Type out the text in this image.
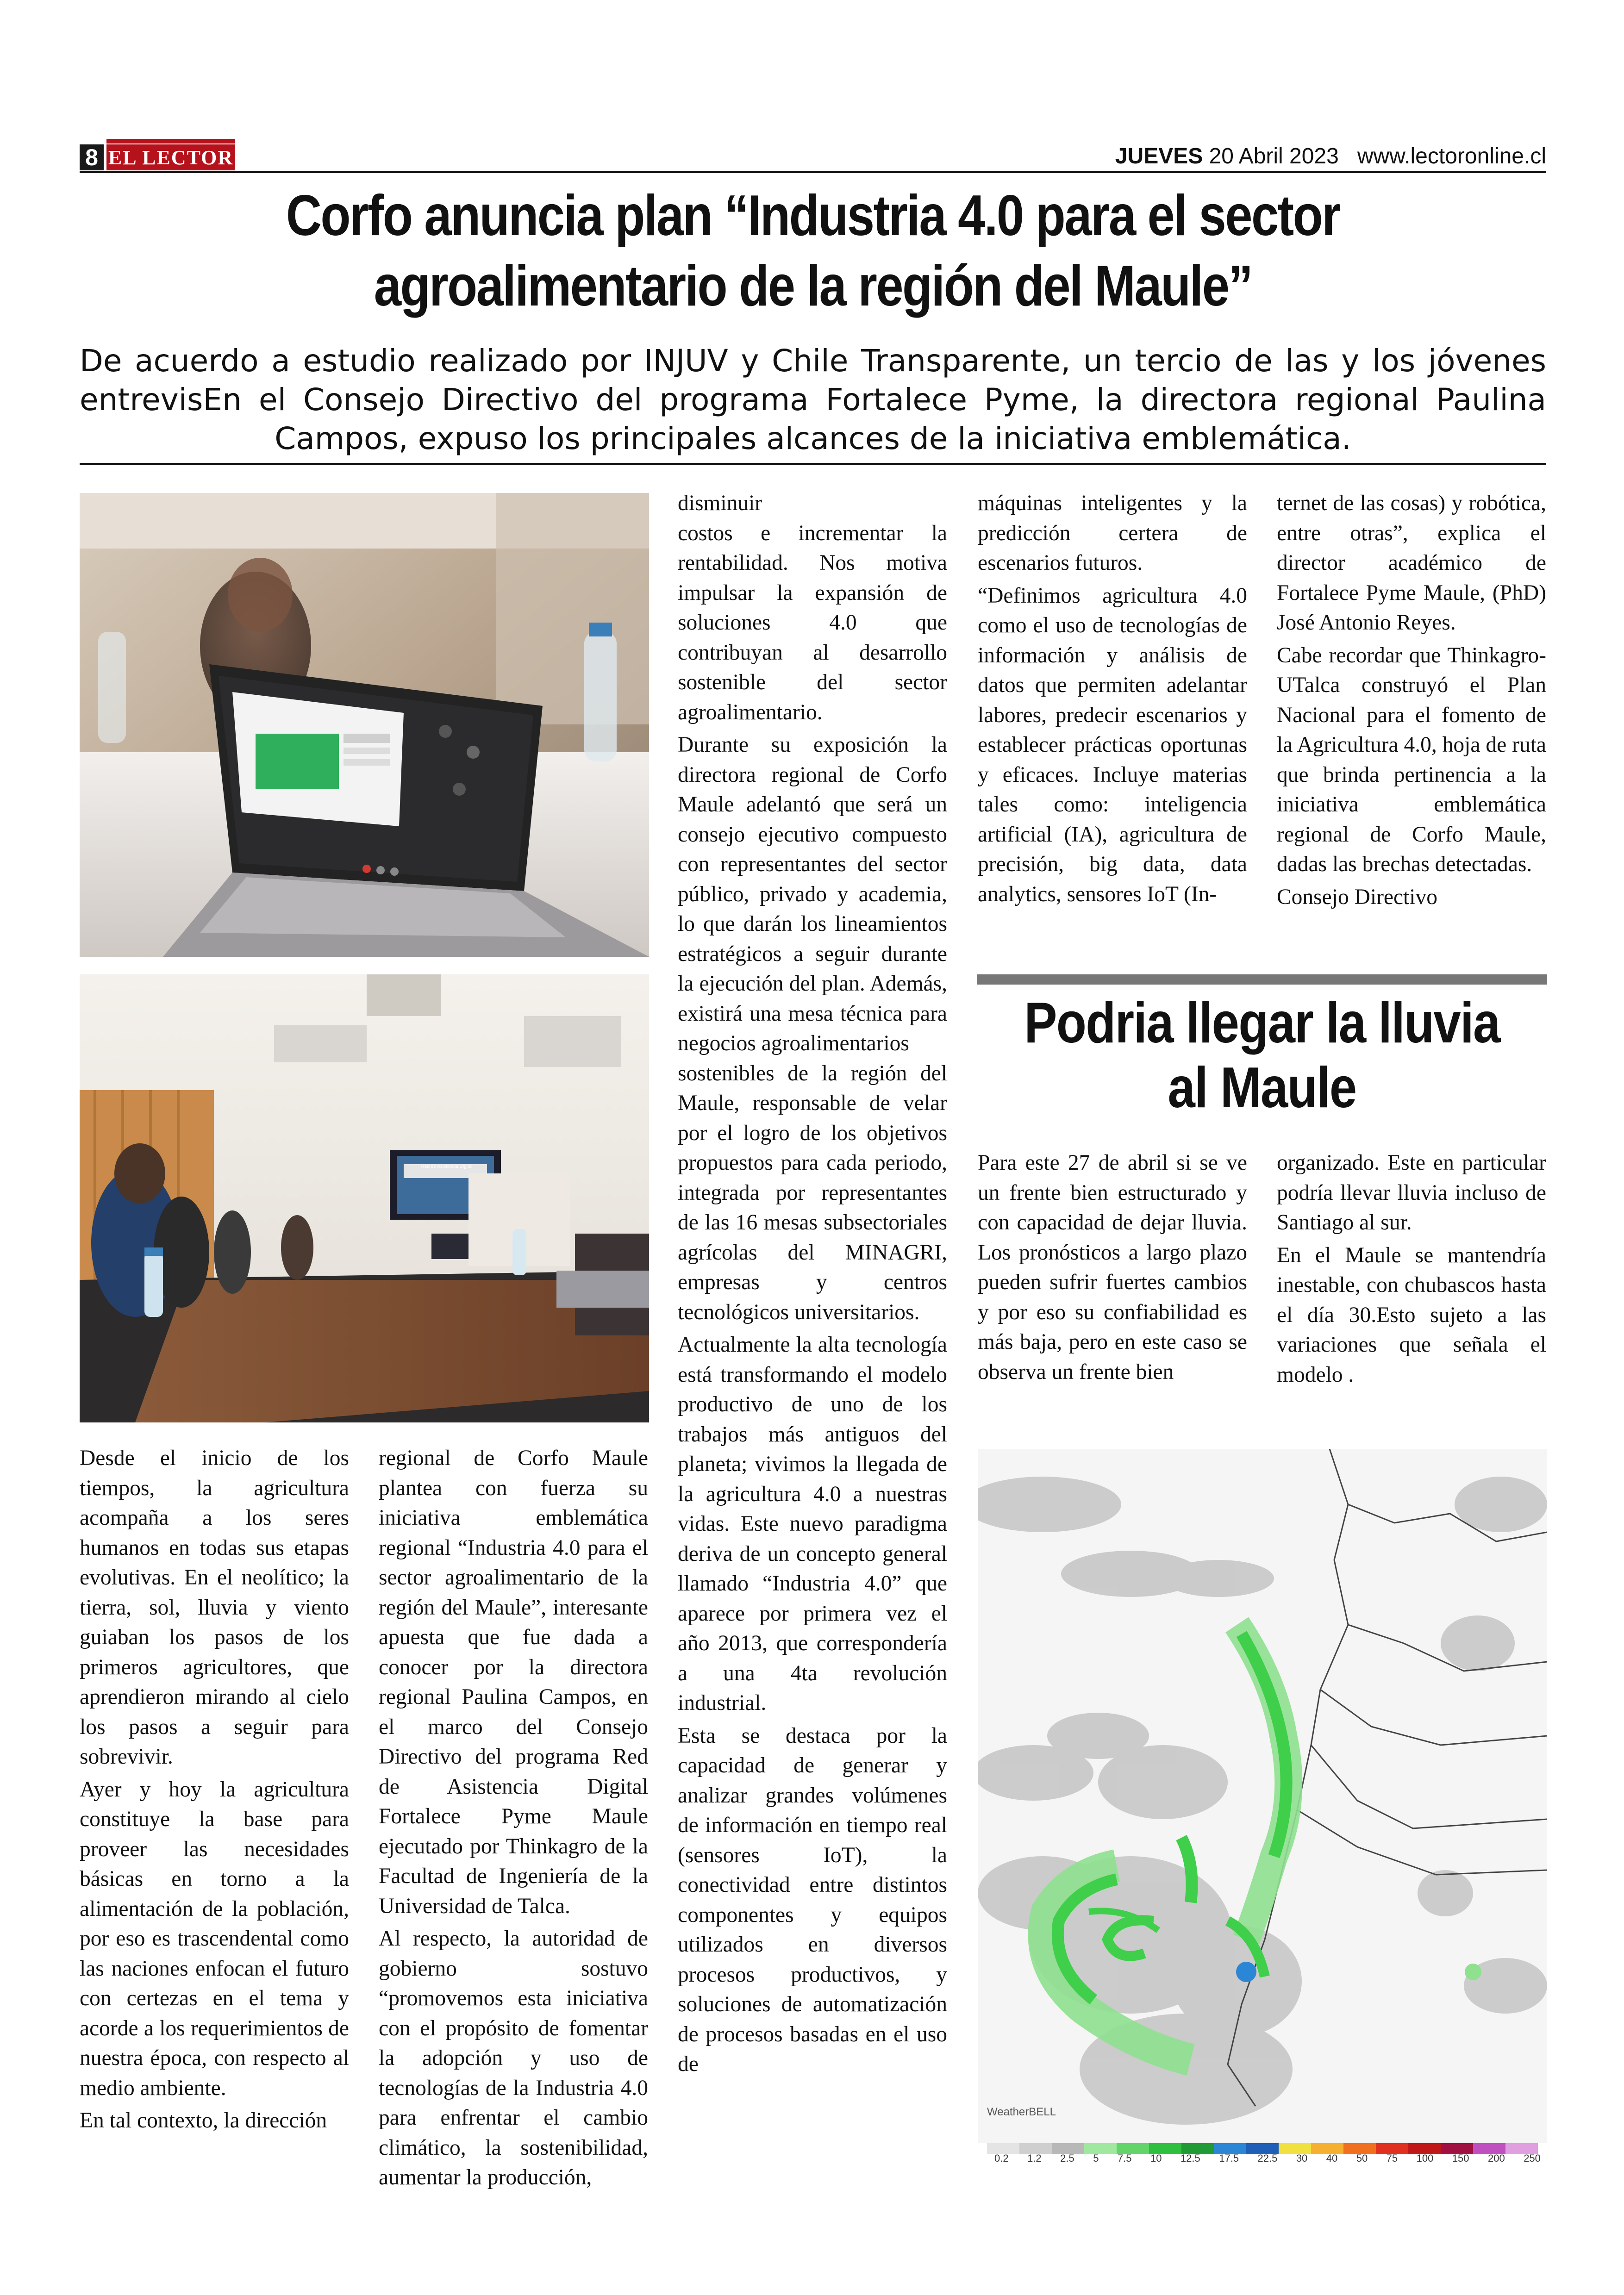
8 EL LECTOR	JUEVES 20 Abril 2023 www.lectoronline.cl
Corfo anuncia plan “Industria 4.0 para el sector
agroalimentario de la región del Maule”
De acuerdo a estudio realizado por INJUV y Chile Transparente, un tercio de las y los jóvenes entrevisEn el Consejo Directivo del programa Fortalece Pyme, la directora regional Paulina Campos, expuso los principales alcances de la iniciativa emblemática.

Desde el inicio de los tiempos, la agricultura acompaña a los seres humanos en todas sus etapas evolutivas. En el neolítico; la tierra, sol, lluvia y viento guiaban los pasos de los primeros agricultores, que aprendieron mirando al cielo los pasos a seguir para sobrevivir.

Ayer y hoy la agricultura constituye la base para proveer las necesidades básicas en torno a la alimentación de la población, por eso es trascendental como las naciones enfocan el futuro con certezas en el tema y acorde a los requerimientos de nuestra época, con respecto al medio ambiente.

En tal contexto, la dirección

regional de Corfo Maule plantea con fuerza su iniciativa emblemática regional “Industria 4.0 para el sector agroalimentario de la región del Maule”, interesante apuesta que fue dada a conocer por la directora regional Paulina Campos, en el marco del Consejo Directivo del programa Red de Asistencia Digital Fortalece Pyme Maule ejecutado por Thinkagro de la Facultad de Ingeniería de la Universidad de Talca.

Al respecto, la autoridad de gobierno sostuvo “promovemos esta iniciativa con el propósito de fomentar la adopción y uso de tecnologías de la Industria 4.0 para enfrentar el cambio climático, la sostenibilidad, aumentar la producción,

disminuir

costos e incrementar la rentabilidad. Nos motiva impulsar la expansión de soluciones 4.0 que contribuyan al desarrollo sostenible del sector agroalimentario.

Durante su exposición la directora regional de Corfo Maule adelantó que será un consejo ejecutivo compuesto con representantes del sector público, privado y academia, lo que darán los lineamientos estratégicos a seguir durante la ejecución del plan. Además, existirá una mesa técnica para negocios agroalimentarios

sostenibles de la región del Maule, responsable de velar por el logro de los objetivos propuestos para cada periodo, integrada por representantes de las 16 mesas subsectoriales agrícolas del MINAGRI, empresas y centros tecnológicos universitarios.

Actualmente la alta tecnología está transformando el modelo productivo de uno de los trabajos más antiguos del planeta; vivimos la llegada de la agricultura 4.0 a nuestras vidas. Este nuevo paradigma deriva de un concepto general llamado “Industria 4.0” que aparece por primera vez el año 2013, que correspondería a una 4ta revolución industrial.

Esta se destaca por la capacidad de generar y analizar grandes volúmenes de información en tiempo real (sensores IoT), la conectividad entre distintos componentes y equipos utilizados en diversos procesos productivos, y soluciones de automatización de procesos basadas en el uso de

máquinas inteligentes y la predicción certera de escenarios futuros.

“Definimos agricultura 4.0 como el uso de tecnologías de información y análisis de datos que permiten adelantar labores, predecir escenarios y establecer prácticas oportunas y eficaces. Incluye materias tales como: inteligencia artificial (IA), agricultura de precisión, big data, data analytics, sensores IoT (In-

ternet de las cosas) y robótica, entre otras”, explica el director académico de Fortalece Pyme Maule, (PhD) José Antonio Reyes.

Cabe recordar que Thinkagro- UTalca construyó el Plan Nacional para el fomento de la Agricultura 4.0, hoja de ruta que brinda pertinencia a la iniciativa emblemática regional de Corfo Maule, dadas las brechas detectadas.

Consejo Directivo

Podria llegar la lluvia
al Maule

Para este 27 de abril si se ve un frente bien estructurado y con capacidad de dejar lluvia. Los pronósticos a largo plazo pueden sufrir fuertes cambios y por eso su confiabilidad es más baja, pero en este caso se observa un frente bien

organizado. Este en particular podría llevar lluvia incluso de Santiago al sur.

En el Maule se mantendría inestable, con chubascos hasta el día 30.Esto sujeto a las variaciones que señala el modelo .

WeatherBELL
0.2 1.2 2.5 5 7.5 10 12.5 17.5 22.5 30 40 50 75 100 150 200 250
Red de Asistencia Digital
